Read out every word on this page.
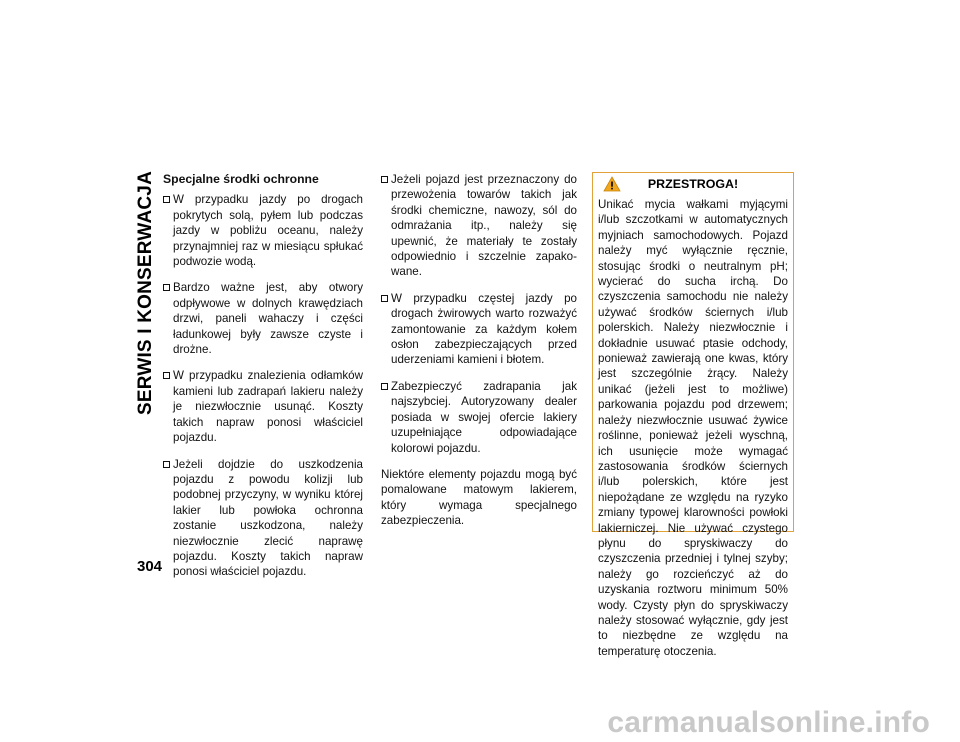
SERWIS I KONSERWACJA
304
Specjalne środki ochronne
W przypadku jazdy po drogach pokrytych solą, pyłem lub podczas jazdy w pobliżu oceanu, należy przynajmniej raz w miesiącu spłukać podwozie wodą.
Bardzo ważne jest, aby otwory odpływowe w dolnych krawędziach drzwi, paneli wahaczy i części ładunkowej były zawsze czyste i drożne.
W przypadku znalezienia odłamków kamieni lub zadrapań lakieru należy je niezwłocznie usunąć. Koszty takich napraw ponosi właściciel pojazdu.
Jeżeli dojdzie do uszkodzenia pojazdu z powodu kolizji lub podobnej przyczyny, w wyniku której lakier lub powłoka ochronna zostanie uszkodzona, należy niezwłocznie zlecić naprawę pojazdu. Koszty takich napraw ponosi właściciel pojazdu.
Jeżeli pojazd jest przeznaczony do przewożenia towarów takich jak środki chemiczne, nawozy, sól do odmrażania itp., należy się upewnić, że materiały te zostały odpowiednio i szczelnie zapakowane.
W przypadku częstej jazdy po drogach żwirowych warto rozważyć zamontowanie za każdym kołem osłon zabezpieczających przed uderzeniami kamieni i błotem.
Zabezpieczyć zadrapania jak najszybciej. Autoryzowany dealer posiada w swojej ofercie lakiery uzupełniające odpowiadające kolorowi pojazdu.

Niektóre elementy pojazdu mogą być pomalowane matowym lakierem, który wymaga specjalnego zabezpieczenia.

PRZESTROGA!
Unikać mycia wałkami myjącymi i/lub szczotkami w automatycznych myjniach samochodowych. Pojazd należy myć wyłącznie ręcznie, stosując środki o neutralnym pH; wycierać do sucha irchą. Do czyszczenia samochodu nie należy używać środków ściernych i/lub polerskich. Należy niezwłocznie i dokładnie usuwać ptasie odchody, ponieważ zawierają one kwas, który jest szczególnie żrący. Należy unikać (jeżeli jest to możliwe) parkowania pojazdu pod drzewem; należy niezwłocznie usuwać żywice roślinne, ponieważ jeżeli wyschną, ich usunięcie może wymagać zastosowania środków ściernych i/lub polerskich, które jest niepożądane ze względu na ryzyko zmiany typowej klarowności powłoki lakierniczej. Nie używać czystego płynu do spryskiwaczy do czyszczenia przedniej i tylnej szyby; należy go rozcieńczyć aż do uzyskania roztworu minimum 50% wody. Czysty płyn do spryskiwaczy należy stosować wyłącznie, gdy jest to niezbędne ze względu na temperaturę otoczenia.
carmanualsonline.info
